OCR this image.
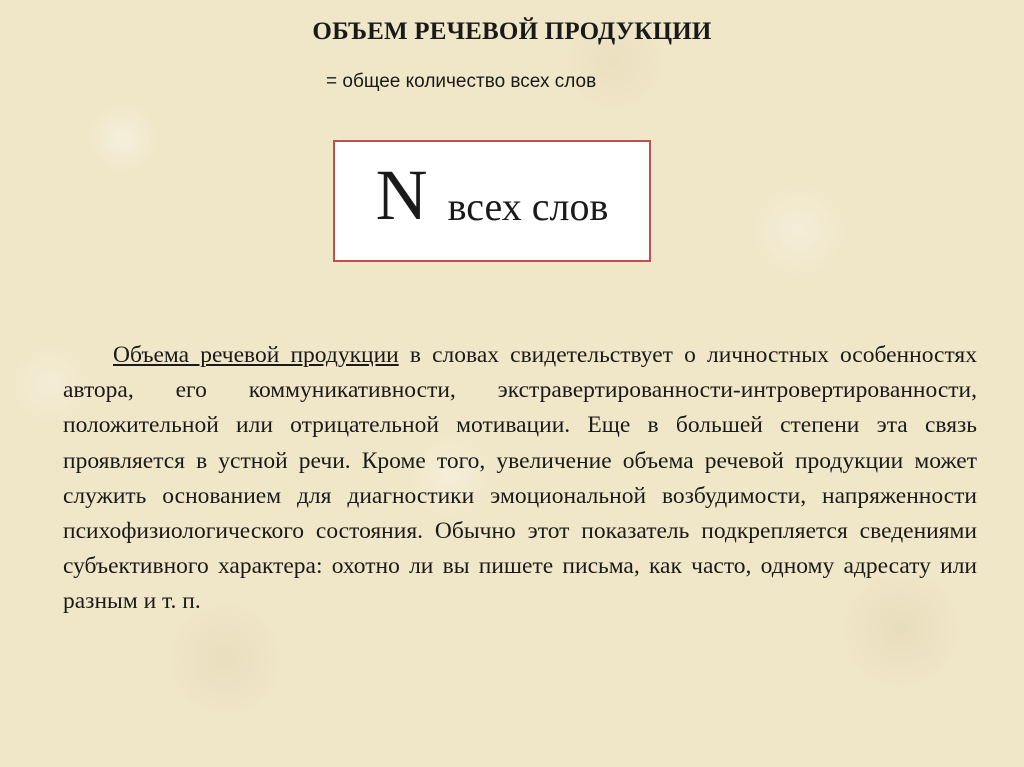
ОБЪЕМ РЕЧЕВОЙ ПРОДУКЦИИ

= общее количество всех слов

N всех слов

Объема речевой продукции в словах свидетельствует о личностных особенностях автора, его коммуникативности, экстравертированности-интровертированности, положительной или отрицательной мотивации. Еще в большей степени эта связь проявляется в устной речи. Кроме того, увеличение объема речевой продукции может служить основанием для диагностики эмоциональной возбудимости, напряженности психофизиологического состояния. Обычно этот показатель подкрепляется сведениями субъективного характера: охотно ли вы пишете письма, как часто, одному адресату или разным и т. п.
